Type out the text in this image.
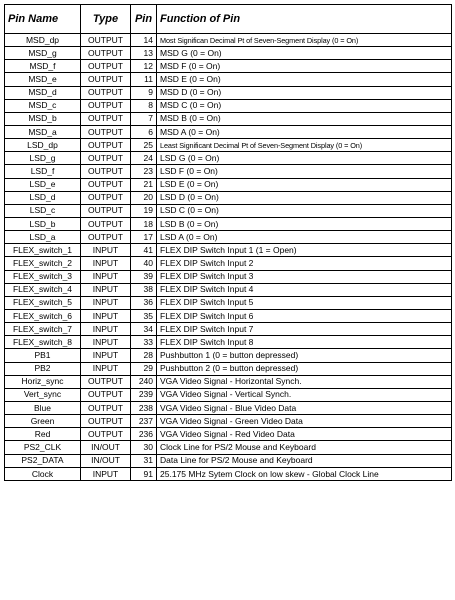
Pin Name	Type	Pin	Function of Pin
MSD_dp	OUTPUT	14	Most Significan Decimal Pt of Seven-Segment Display (0 = On)
MSD_g	OUTPUT	13	MSD G (0 = On)
MSD_f	OUTPUT	12	MSD F (0 = On)
MSD_e	OUTPUT	11	MSD E (0 = On)
MSD_d	OUTPUT	9	MSD D (0 = On)
MSD_c	OUTPUT	8	MSD C (0 = On)
MSD_b	OUTPUT	7	MSD B (0 = On)
MSD_a	OUTPUT	6	MSD A (0 = On)
LSD_dp	OUTPUT	25	Least Significant Decimal Pt of Seven-Segment Display (0 = On)
LSD_g	OUTPUT	24	LSD G (0 = On)
LSD_f	OUTPUT	23	LSD F (0 = On)
LSD_e	OUTPUT	21	LSD E (0 = On)
LSD_d	OUTPUT	20	LSD D (0 = On)
LSD_c	OUTPUT	19	LSD C (0 = On)
LSD_b	OUTPUT	18	LSD B (0 = On)
LSD_a	OUTPUT	17	LSD A (0 = On)
FLEX_switch_1	INPUT	41	FLEX DIP Switch Input 1 (1 = Open)
FLEX_switch_2	INPUT	40	FLEX DIP Switch Input 2
FLEX_switch_3	INPUT	39	FLEX DIP Switch Input 3
FLEX_switch_4	INPUT	38	FLEX DIP Switch Input 4
FLEX_switch_5	INPUT	36	FLEX DIP Switch Input 5
FLEX_switch_6	INPUT	35	FLEX DIP Switch Input 6
FLEX_switch_7	INPUT	34	FLEX DIP Switch Input 7
FLEX_switch_8	INPUT	33	FLEX DIP Switch Input 8
PB1	INPUT	28	Pushbutton 1 (0 = button depressed)
PB2	INPUT	29	Pushbutton 2 (0 = button depressed)
Horiz_sync	OUTPUT	240	VGA Video Signal - Horizontal Synch.
Vert_sync	OUTPUT	239	VGA Video Signal - Vertical Synch.
Blue	OUTPUT	238	VGA Video Signal - Blue Video Data
Green	OUTPUT	237	VGA Video Signal - Green Video Data
Red	OUTPUT	236	VGA Video Signal - Red Video Data
PS2_CLK	IN/OUT	30	Clock Line for PS/2 Mouse and Keyboard
PS2_DATA	IN/OUT	31	Data Line for PS/2 Mouse and Keyboard
Clock	INPUT	91	25.175 MHz Sytem Clock on low skew - Global Clock Line
